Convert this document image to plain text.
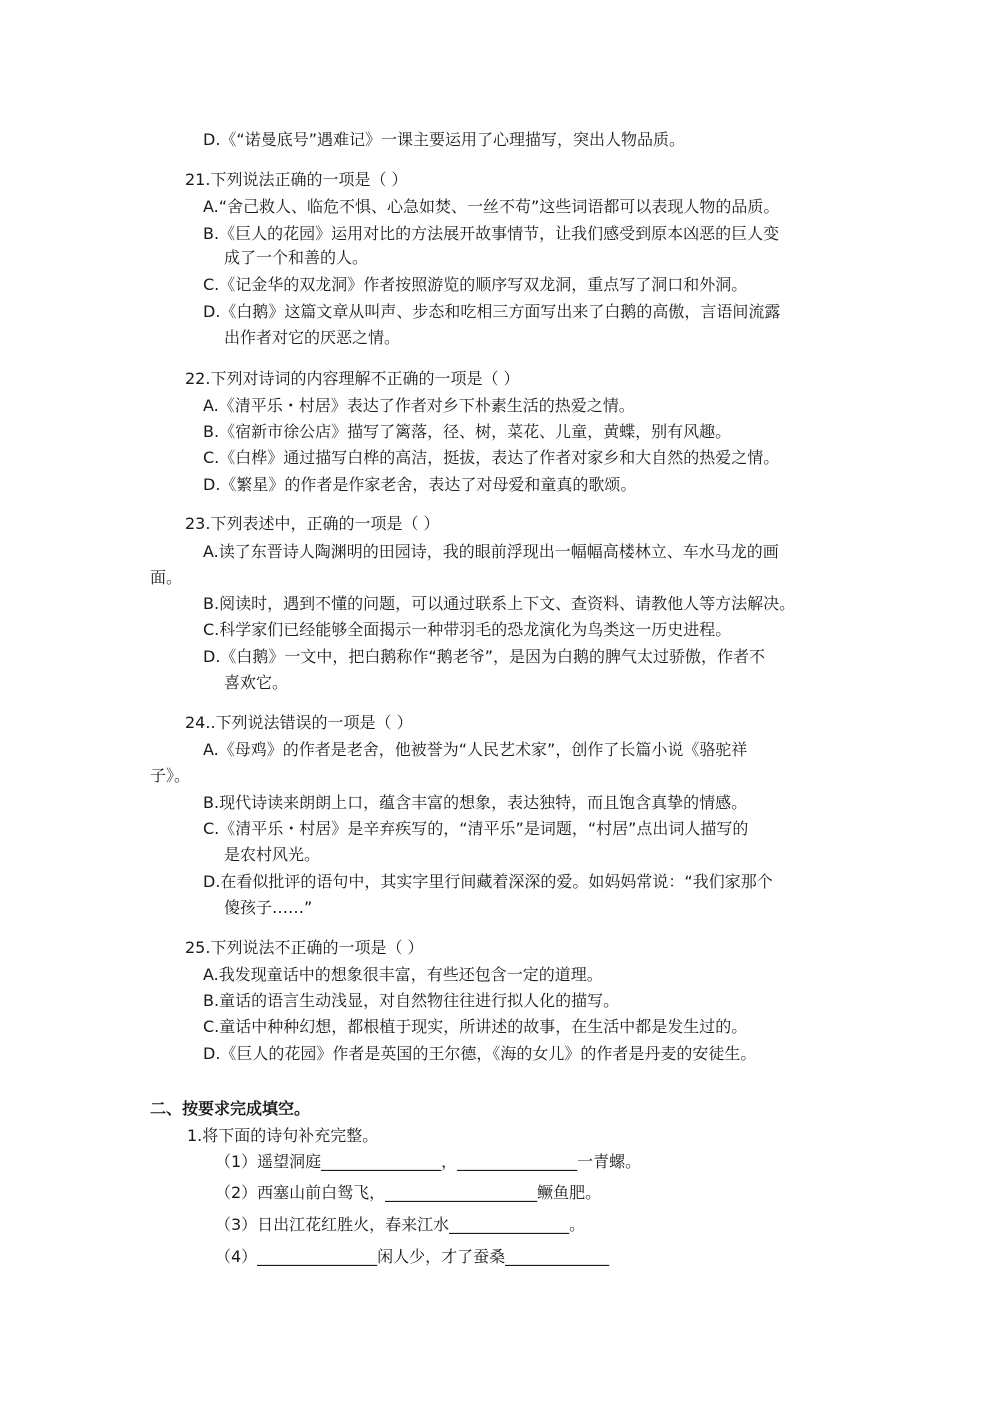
D.《“诺曼底号”遇难记》一课主要运用了心理描写，突出人物品质。
21.下列说法正确的一项是（ ）
A.“舍己救人、临危不惧、心急如焚、一丝不苟”这些词语都可以表现人物的品质。
B.《巨人的花园》运用对比的方法展开故事情节，让我们感受到原本凶恶的巨人变
成了一个和善的人。
C.《记金华的双龙洞》作者按照游览的顺序写双龙洞，重点写了洞口和外洞。
D.《白鹅》这篇文章从叫声、步态和吃相三方面写出来了白鹅的高傲，言语间流露
出作者对它的厌恶之情。
22.下列对诗词的内容理解不正确的一项是（ ）
A.《清平乐・村居》表达了作者对乡下朴素生活的热爱之情。
B.《宿新市徐公店》描写了篱落，径、树，菜花、儿童，黄蝶，别有风趣。
C.《白桦》通过描写白桦的高洁，挺拔，表达了作者对家乡和大自然的热爱之情。
D.《繁星》的作者是作家老舍，表达了对母爱和童真的歌颂。
23.下列表述中，正确的一项是（ ）
A.读了东晋诗人陶渊明的田园诗，我的眼前浮现出一幅幅高楼林立、车水马龙的画
面。
B.阅读时，遇到不懂的问题，可以通过联系上下文、查资料、请教他人等方法解决。
C.科学家们已经能够全面揭示一种带羽毛的恐龙演化为鸟类这一历史进程。
D.《白鹅》一文中，把白鹅称作“鹅老爷”，是因为白鹅的脾气太过骄傲，作者不
喜欢它。
24..下列说法错误的一项是（ ）
A.《母鸡》的作者是老舍，他被誉为“人民艺术家”，创作了长篇小说《骆驼祥
子》。
B.现代诗读来朗朗上口，蕴含丰富的想象，表达独特，而且饱含真挚的情感。
C.《清平乐・村居》是辛弃疾写的，“清平乐”是词题，“村居”点出词人描写的
是农村风光。
D.在看似批评的语句中，其实字里行间藏着深深的爱。如妈妈常说：“我们家那个
傻孩子……”
25.下列说法不正确的一项是（ ）
A.我发现童话中的想象很丰富，有些还包含一定的道理。
B.童话的语言生动浅显，对自然物往往进行拟人化的描写。
C.童话中种种幻想，都根植于现实，所讲述的故事，在生活中都是发生过的。
D.《巨人的花园》作者是英国的王尔德，《海的女儿》的作者是丹麦的安徒生。
二、按要求完成填空。
1.将下面的诗句补充完整。
（1）遥望洞庭_______________，_______________一青螺。
（2）西塞山前白鸳飞，___________________鳜鱼肥。
（3）日出江花红胜火，春来江水_______________。
（4）_______________闲人少，才了蚕桑_____________
